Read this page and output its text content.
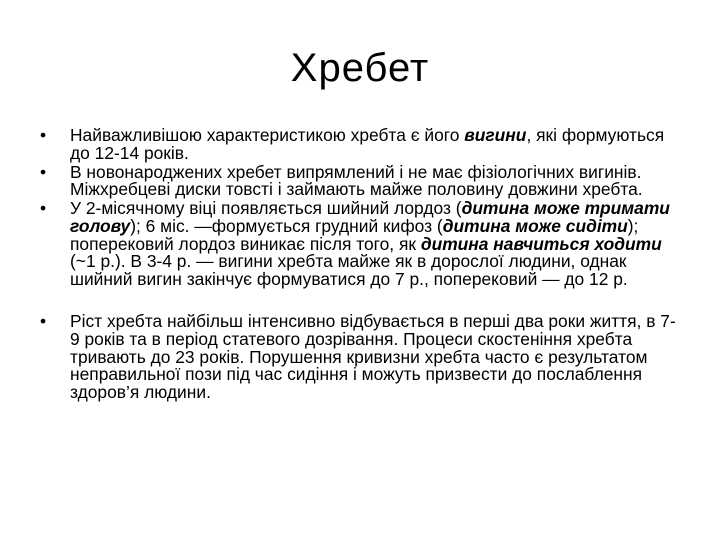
Хребет
•	Найважливішою характеристикою хребта є його вигини, які формуються до 12-14 років.
•	В новонароджених хребет випрямлений і не має фізіологічних вигинів. Міжхребцеві диски товсті і займають майже половину довжини хребта.
•	У 2-місячному віці появляється шийний лордоз (дитина може тримати голову); 6 міс. —формується грудний кифоз (дитина може сидіти); поперековий лордоз виникає після того, як дитина навчиться ходити (~1 р.). В 3-4 р. — вигини хребта майже як в дорослої людини, однак шийний вигин закінчує формуватися до 7 р., поперековий — до 12 р.
•	Ріст хребта найбільш інтенсивно відбувається в перші два роки життя, в 7-9 років та в період статевого дозрівання. Процеси скостеніння хребта тривають до 23 років. Порушення кривизни хребта часто є результатом неправильної пози під час сидіння і можуть призвести до послаблення здоров’я людини.
